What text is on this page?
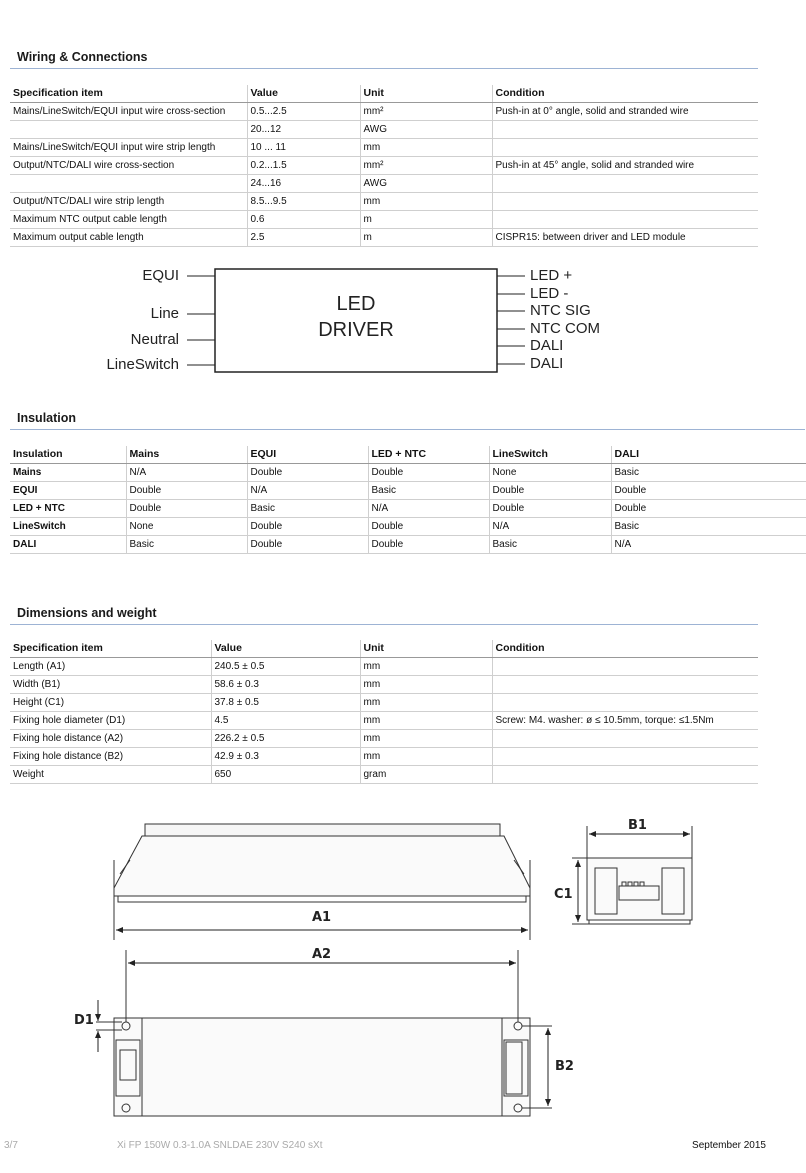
Wiring & Connections
Specification item	Value	Unit	Condition
Mains/LineSwitch/EQUI input wire cross-section	0.5...2.5	mm²	Push-in at 0° angle, solid and stranded wire
	20...12	AWG	
Mains/LineSwitch/EQUI input wire strip length	10 ... 11	mm	
Output/NTC/DALI wire cross-section	0.2...1.5	mm²	Push-in at 45° angle, solid and stranded wire
	24...16	AWG	
Output/NTC/DALI wire strip length	8.5...9.5	mm	
Maximum NTC output cable length	0.6	m	
Maximum output cable length	2.5	m	CISPR15: between driver and LED module
LED
DRIVER
EQUI
Line
Neutral
LineSwitch
LED +
LED -
NTC SIG
NTC COM
DALI
DALI
Insulation
Insulation	Mains	EQUI	LED + NTC	LineSwitch	DALI
Mains	N/A	Double	Double	None	Basic
EQUI	Double	N/A	Basic	Double	Double
LED + NTC	Double	Basic	N/A	Double	Double
LineSwitch	None	Double	Double	N/A	Basic
DALI	Basic	Double	Double	Basic	N/A
Dimensions and weight
Specification item	Value	Unit	Condition
Length (A1)	240.5 ± 0.5	mm	
Width (B1)	58.6 ± 0.3	mm	
Height (C1)	37.8 ± 0.5	mm	
Fixing hole diameter (D1)	4.5	mm	Screw: M4. washer: ø ≤ 10.5mm, torque: ≤1.5Nm
Fixing hole distance (A2)	226.2 ± 0.5	mm	
Fixing hole distance (B2)	42.9 ± 0.3	mm	
Weight	650	gram	
A1
B1
C1
A2
B2
D1
3/7	Xi FP 150W 0.3-1.0A SNLDAE 230V S240 sXt	September 2015
